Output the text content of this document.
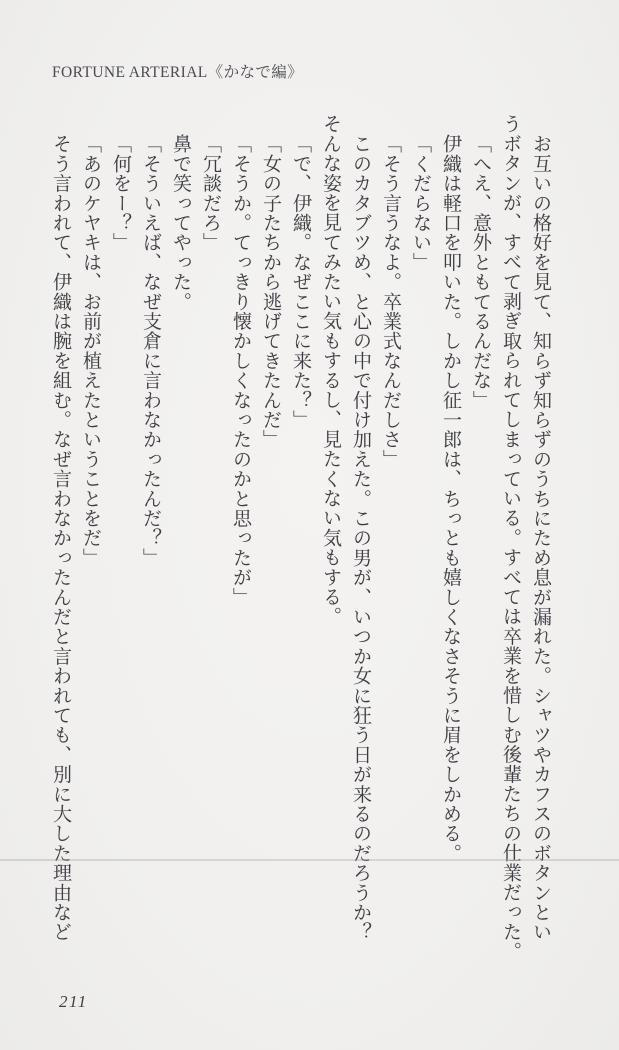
FORTUNE ARTERIAL《かなで編》
お互いの格好を見て、知らず知らずのうちにため息が漏れた。シャツやカフスのボタンとい
うボタンが、すべて剥ぎ取られてしまっている。すべては卒業を惜しむ後輩たちの仕業だった。
「へえ、意外ともてるんだな」
伊織は軽口を叩いた。しかし征一郎は、ちっとも嬉しくなさそうに眉をしかめる。
「くだらない」
「そう言うなよ。卒業式なんだしさ」
このカタブツめ、と心の中で付け加えた。この男が、いつか女に狂う日が来るのだろうか？
そんな姿を見てみたい気もするし、見たくない気もする。
「で、伊織。なぜここに来た？」
「女の子たちから逃げてきたんだ」
「そうか。てっきり懐かしくなったのかと思ったが」
「冗談だろ」
鼻で笑ってやった。
「そういえば、なぜ支倉に言わなかったんだ？」
「何をー？」
「あのケヤキは、お前が植えたということをだ」
そう言われて、伊織は腕を組む。なぜ言わなかったんだと言われても、別に大した理由など
211
